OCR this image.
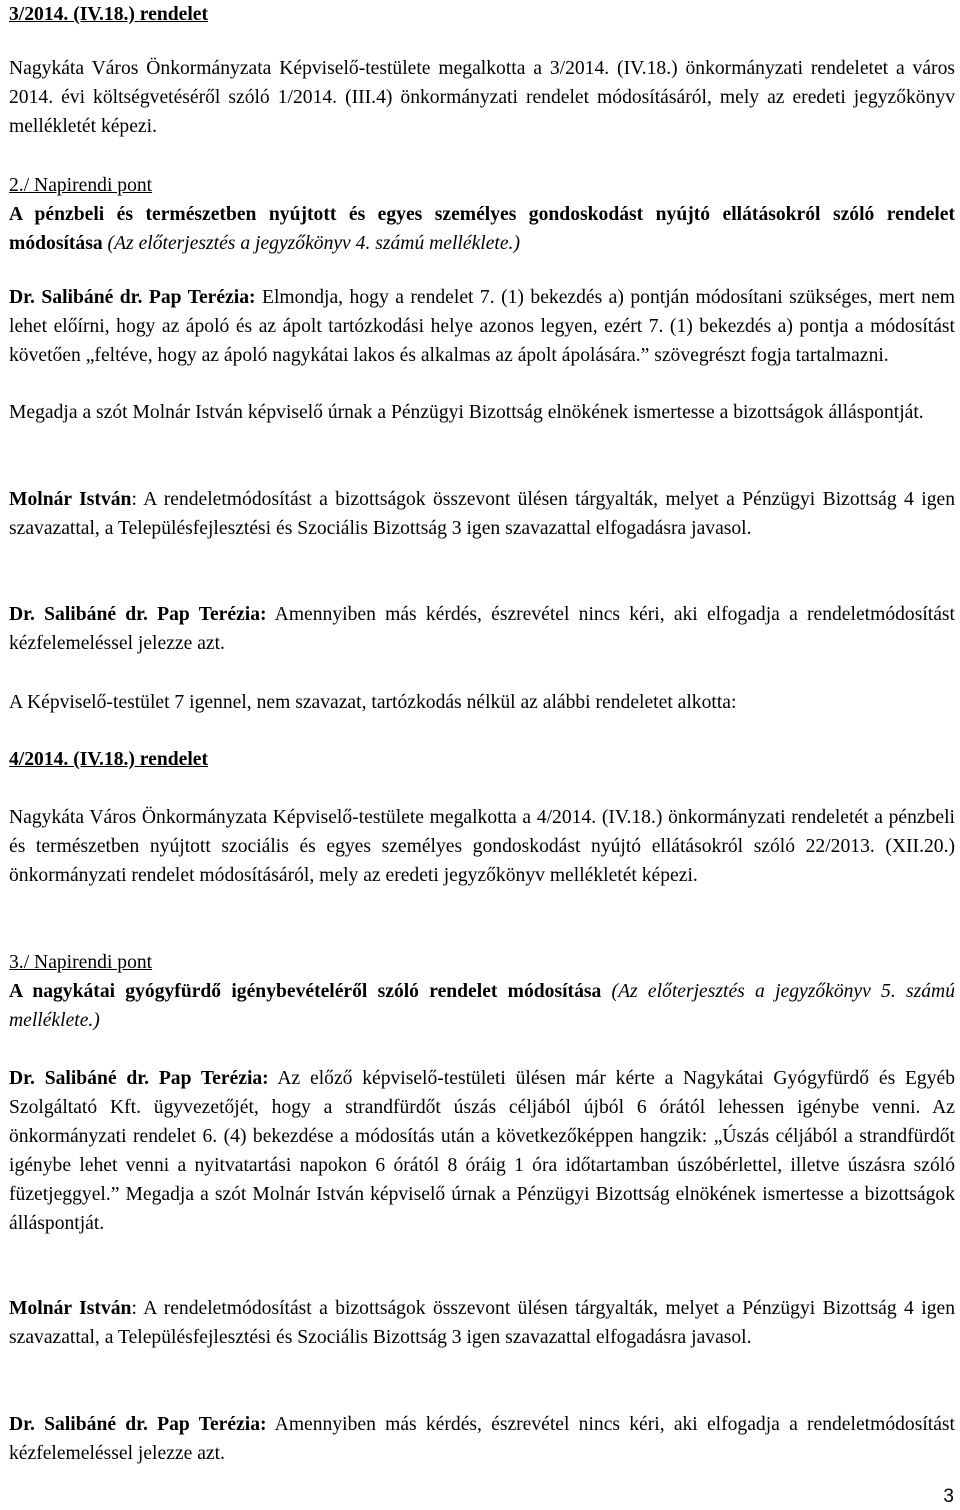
3/2014. (IV.18.) rendelet

Nagykáta Város Önkormányzata Képviselő-testülete megalkotta a 3/2014. (IV.18.) önkormányzati rendeletet a város 2014. évi költségvetéséről szóló 1/2014. (III.4) önkormányzati rendelet módosításáról, mely az eredeti jegyzőkönyv mellékletét képezi.

2./ Napirendi pont

A pénzbeli és természetben nyújtott és egyes személyes gondoskodást nyújtó ellátásokról szóló rendelet módosítása (Az előterjesztés a jegyzőkönyv 4. számú melléklete.)

Dr. Salibáné dr. Pap Terézia: Elmondja, hogy a rendelet 7. (1) bekezdés a) pontján módosítani szükséges, mert nem lehet előírni, hogy az ápoló és az ápolt tartózkodási helye azonos legyen, ezért 7. (1) bekezdés a) pontja a módosítást követően „feltéve, hogy az ápoló nagykátai lakos és alkalmas az ápolt ápolására.” szövegrészt fogja tartalmazni.

Megadja a szót Molnár István képviselő úrnak a Pénzügyi Bizottság elnökének ismertesse a bizottságok álláspontját.

Molnár István: A rendeletmódosítást a bizottságok összevont ülésen tárgyalták, melyet a Pénzügyi Bizottság 4 igen szavazattal, a Településfejlesztési és Szociális Bizottság 3 igen szavazattal elfogadásra javasol.

Dr. Salibáné dr. Pap Terézia: Amennyiben más kérdés, észrevétel nincs kéri, aki elfogadja a rendeletmódosítást kézfelemeléssel jelezze azt.

A Képviselő-testület 7 igennel, nem szavazat, tartózkodás nélkül az alábbi rendeletet alkotta:

4/2014. (IV.18.) rendelet

Nagykáta Város Önkormányzata Képviselő-testülete megalkotta a 4/2014. (IV.18.) önkormányzati rendeletét a pénzbeli és természetben nyújtott szociális és egyes személyes gondoskodást nyújtó ellátásokról szóló 22/2013. (XII.20.) önkormányzati rendelet módosításáról, mely az eredeti jegyzőkönyv mellékletét képezi.

3./ Napirendi pont

A nagykátai gyógyfürdő igénybevételéről szóló rendelet módosítása (Az előterjesztés a jegyzőkönyv 5. számú melléklete.)

Dr. Salibáné dr. Pap Terézia: Az előző képviselő-testületi ülésen már kérte a Nagykátai Gyógyfürdő és Egyéb Szolgáltató Kft. ügyvezetőjét, hogy a strandfürdőt úszás céljából újból 6 órától lehessen igénybe venni. Az önkormányzati rendelet 6. (4) bekezdése a módosítás után a következőképpen hangzik: „Úszás céljából a strandfürdőt igénybe lehet venni a nyitvatartási napokon 6 órától 8 óráig 1 óra időtartamban úszóbérlettel, illetve úszásra szóló füzetjeggyel.” Megadja a szót Molnár István képviselő úrnak a Pénzügyi Bizottság elnökének ismertesse a bizottságok álláspontját.

Molnár István: A rendeletmódosítást a bizottságok összevont ülésen tárgyalták, melyet a Pénzügyi Bizottság 4 igen szavazattal, a Településfejlesztési és Szociális Bizottság 3 igen szavazattal elfogadásra javasol.

Dr. Salibáné dr. Pap Terézia: Amennyiben más kérdés, észrevétel nincs kéri, aki elfogadja a rendeletmódosítást kézfelemeléssel jelezze azt.

3
